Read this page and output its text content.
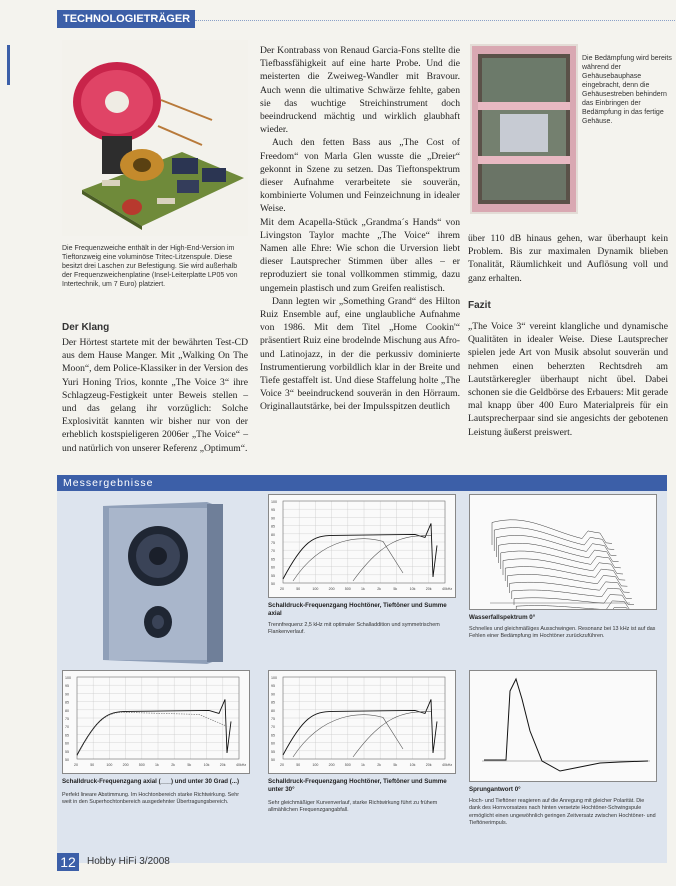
TECHNOLOGIETRÄGER
Die Frequenzweiche enthält in der High-End-Version im Tieftonzweig eine voluminöse Tritec-Litzenspule. Diese besitzt drei Laschen zur Befestigung. Sie wird außerhalb der Frequenzweichenplatine (Insel-Leiterplatte LP05 von Intertechnik, um 7 Euro) platziert.
Der Klang

Der Hörtest startete mit der bewährten Test-CD aus dem Hause Manger. Mit „Walking On The Moon“, dem Police-Klassiker in der Version des Yuri Honing Trios, konnte „The Voice 3“ ihre Schlagzeug-Festigkeit unter Beweis stellen – und das gelang ihr vorzüglich: Solche Explosivität kannten wir bisher nur von der erheblich kostspieligeren 2006er „The Voice“ – und natürlich von unserer Referenz „Optimum“.

Der Kontrabass von Renaud Garcia-Fons stellte die Tiefbassfähigkeit auf eine harte Probe. Und die meisterten die Zweiweg-Wandler mit Bravour. Auch wenn die ultimative Schwärze fehlte, gaben sie das wuchtige Streichinstrument doch beeindruckend mächtig und wirklich glaubhaft wieder.

Auch den fetten Bass aus „The Cost of Freedom“ von Marla Glen wusste die „Dreier“ gekonnt in Szene zu setzen. Das Tieftonspektrum dieser Aufnahme verarbeitete sie souverän, kombinierte Volumen und Feinzeichnung in idealer Weise.

Mit dem Acapella-Stück „Grandma´s Hands“ von Livingston Taylor machte „The Voice“ ihrem Namen alle Ehre: Wie schon die Urversion liebt dieser Lautsprecher Stimmen über alles – er reproduziert sie tonal vollkommen stimmig, dazu ungemein plastisch und zum Greifen realistisch.

Dann legten wir „Something Grand“ des Hilton Ruiz Ensemble auf, eine unglaubliche Aufnahme von 1986. Mit dem Titel „Home Cookin'“ präsentiert Ruiz eine brodelnde Mischung aus Afro- und Latinojazz, in der die perkussiv dominierte Instrumentierung vorbildlich klar in der Breite und Tiefe gestaffelt ist. Und diese Staffelung holte „The Voice 3“ beeindruckend souverän in den Hörraum. Originallautstärke, bei der Impulsspitzen deutlich

Die Bedämpfung wird bereits während der Gehäusebauphase eingebracht, denn die Gehäusestreben behindern das Einbringen der Bedämpfung in das fertige Gehäuse.

über 110 dB hinaus gehen, war überhaupt kein Problem. Bis zur maximalen Dynamik blieben Tonalität, Räumlichkeit und Auflösung voll und ganz erhalten.

Fazit

„The Voice 3“ vereint klangliche und dynamische Qualitäten in idealer Weise. Diese Lautsprecher spielen jede Art von Musik absolut souverän und nehmen einen beherzten Rechtsdreh am Lautstärkeregler überhaupt nicht übel. Dabei schonen sie die Geldbörse des Erbauers: Mit gerade mal knapp über 400 Euro Materialpreis für ein Lautsprecherpaar sind sie angesichts der gebotenen Leistung äußerst preiswert.

Messergebnisse
100
95
90
85
80
75
70
65
60
55
50
20	50	100	200	500	1k	2k	5k	10k	20k	40kHz
Schalldruck-Frequenzgang Hochtöner, Tieftöner und Summe axial
Trennfrequenz 2,5 kHz mit optimaler Schalladdition und symmetrischem Flankenverlauf.
Wasserfallspektrum 0°
Schnelles und gleichmäßiges Ausschwingen. Resonanz bei 13 kHz ist auf das Fehlen einer Bedämpfung im Hochtöner zurückzuführen.
100
95
90
85
80
75
70
65
60
55
50
20	50	100	200	500	1k	2k	5k	10k	20k	40kHz
Schalldruck-Frequenzgang axial (___) und unter 30 Grad (...)
Perfekt lineare Abstimmung. Im Hochtonbereich starke Richtwirkung. Sehr weit in den Superhochtonbereich ausgedehnter Übertragungsbereich.
100
95
90
85
80
75
70
65
60
55
50
20	50	100	200	500	1k	2k	5k	10k	20k	40kHz
Schalldruck-Frequenzgang Hochtöner, Tieftöner und Summe unter 30°
Sehr gleichmäßiger Kurvenverlauf, starke Richtwirkung führt zu frühem allmählichen Frequenzgangabfall.
Sprungantwort 0°
Hoch- und Tieftöner reagieren auf die Anregung mit gleicher Polarität. Die dank des Hornvorsatzes nach hinten versetzte Hochtöner-Schwingspule ermöglicht einen ungewöhnlich geringen Zeitversatz zwischen Hochtöner- und Tieftönerimpuls.
12	Hobby HiFi 3/2008
